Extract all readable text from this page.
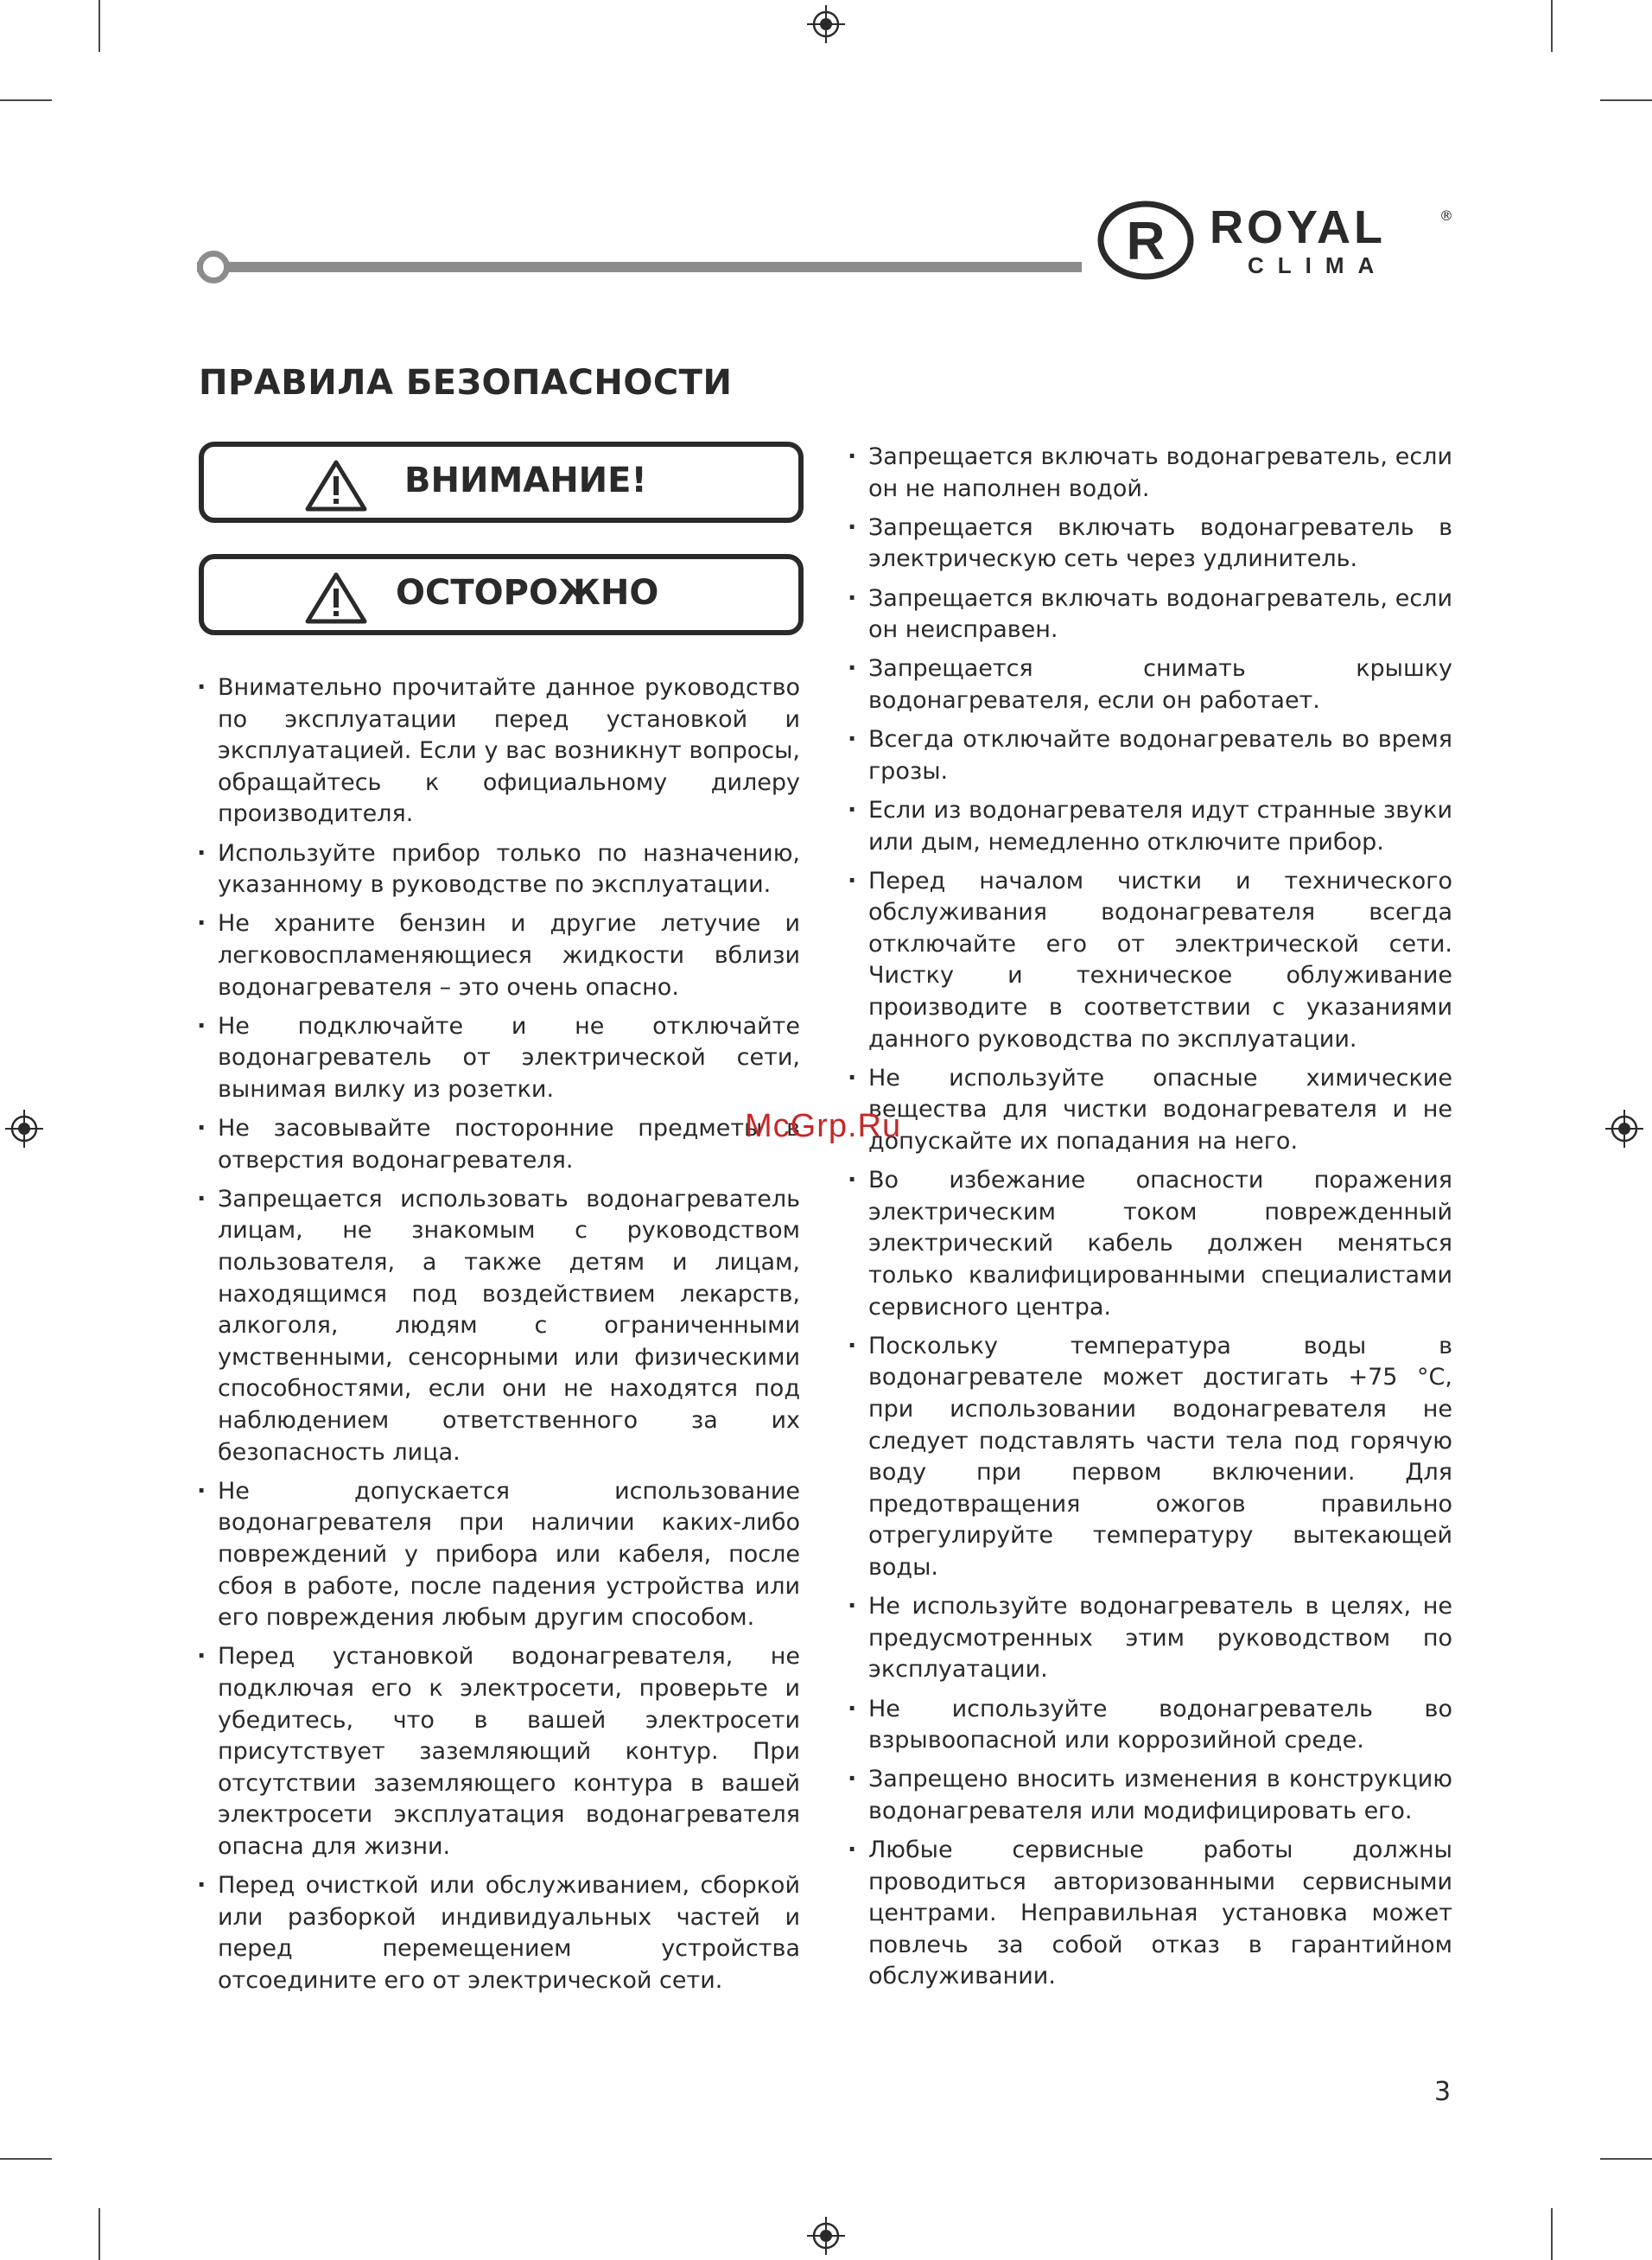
R ROYAL	®
CLIMA
ПРАВИЛА БЕЗОПАСНОСТИ
ВНИМАНИЕ!
ОСТОРОЖНО
· Внимательно прочитайте данное руководство по эксплуатации перед установкой и эксплуатацией. Если у вас возникнут вопросы, обращайтесь к официальному дилеру производителя.
· Используйте прибор только по назначению, указанному в руководстве по эксплуатации.
· Не храните бензин и другие летучие и легковоспламеняющиеся жидкости вблизи водонагревателя – это очень опасно.
· Не подключайте и не отключайте водонагреватель от электрической сети, вынимая вилку из розетки.
· Не засовывайте посторонние предметы в отверстия водонагревателя.
· Запрещается использовать водонагреватель лицам, не знакомым с руководством пользователя, а также детям и лицам, находящимся под воздействием лекарств, алкоголя, людям с ограниченными умственными, сенсорными или физическими способностями, если они не находятся под наблюдением ответственного за их безопасность лица.
· Не допускается использование водонагревателя при наличии каких-либо повреждений у прибора или кабеля, после сбоя в работе, после падения устройства или его повреждения любым другим способом.
· Перед установкой водонагревателя, не подключая его к электросети, проверьте и убедитесь, что в вашей электросети присутствует заземляющий контур. При отсутствии заземляющего контура в вашей электросети эксплуатация водонагревателя опасна для жизни.
· Перед очисткой или обслуживанием, сборкой или разборкой индивидуальных частей и перед перемещением устройства отсоедините его от электрической сети.
· Запрещается включать водонагреватель, если он не наполнен водой.
· Запрещается включать водонагреватель в электрическую сеть через удлинитель.
· Запрещается включать водонагреватель, если он неисправен.
· Запрещается снимать крышку водонагревателя, если он работает.
· Всегда отключайте водонагреватель во время грозы.
· Если из водонагревателя идут странные звуки или дым, немедленно отключите прибор.
· Перед началом чистки и технического обслуживания водонагревателя всегда отключайте его от электрической сети. Чистку и техническое облуживание производите в соответствии с указаниями данного руководства по эксплуатации.
· Не используйте опасные химические вещества для чистки водонагревателя и не допускайте их попадания на него.
· Во избежание опасности поражения электрическим током поврежденный электрический кабель должен меняться только квалифицированными специалистами сервисного центра.
· Поскольку температура воды в водонагревателе может достигать +75 °С, при использовании водонагревателя не следует подставлять части тела под горячую воду при первом включении. Для предотвращения ожогов правильно отрегулируйте температуру вытекающей воды.
· Не используйте водонагреватель в целях, не предусмотренных этим руководством по эксплуатации.
· Не используйте водонагреватель во взрывоопасной или коррозийной среде.
· Запрещено вносить изменения в конструкцию водонагревателя или модифицировать его.
· Любые сервисные работы должны проводиться авторизованными сервисными центрами. Неправильная установка может повлечь за собой отказ в гарантийном обслуживании.
McGrp.Ru
3
